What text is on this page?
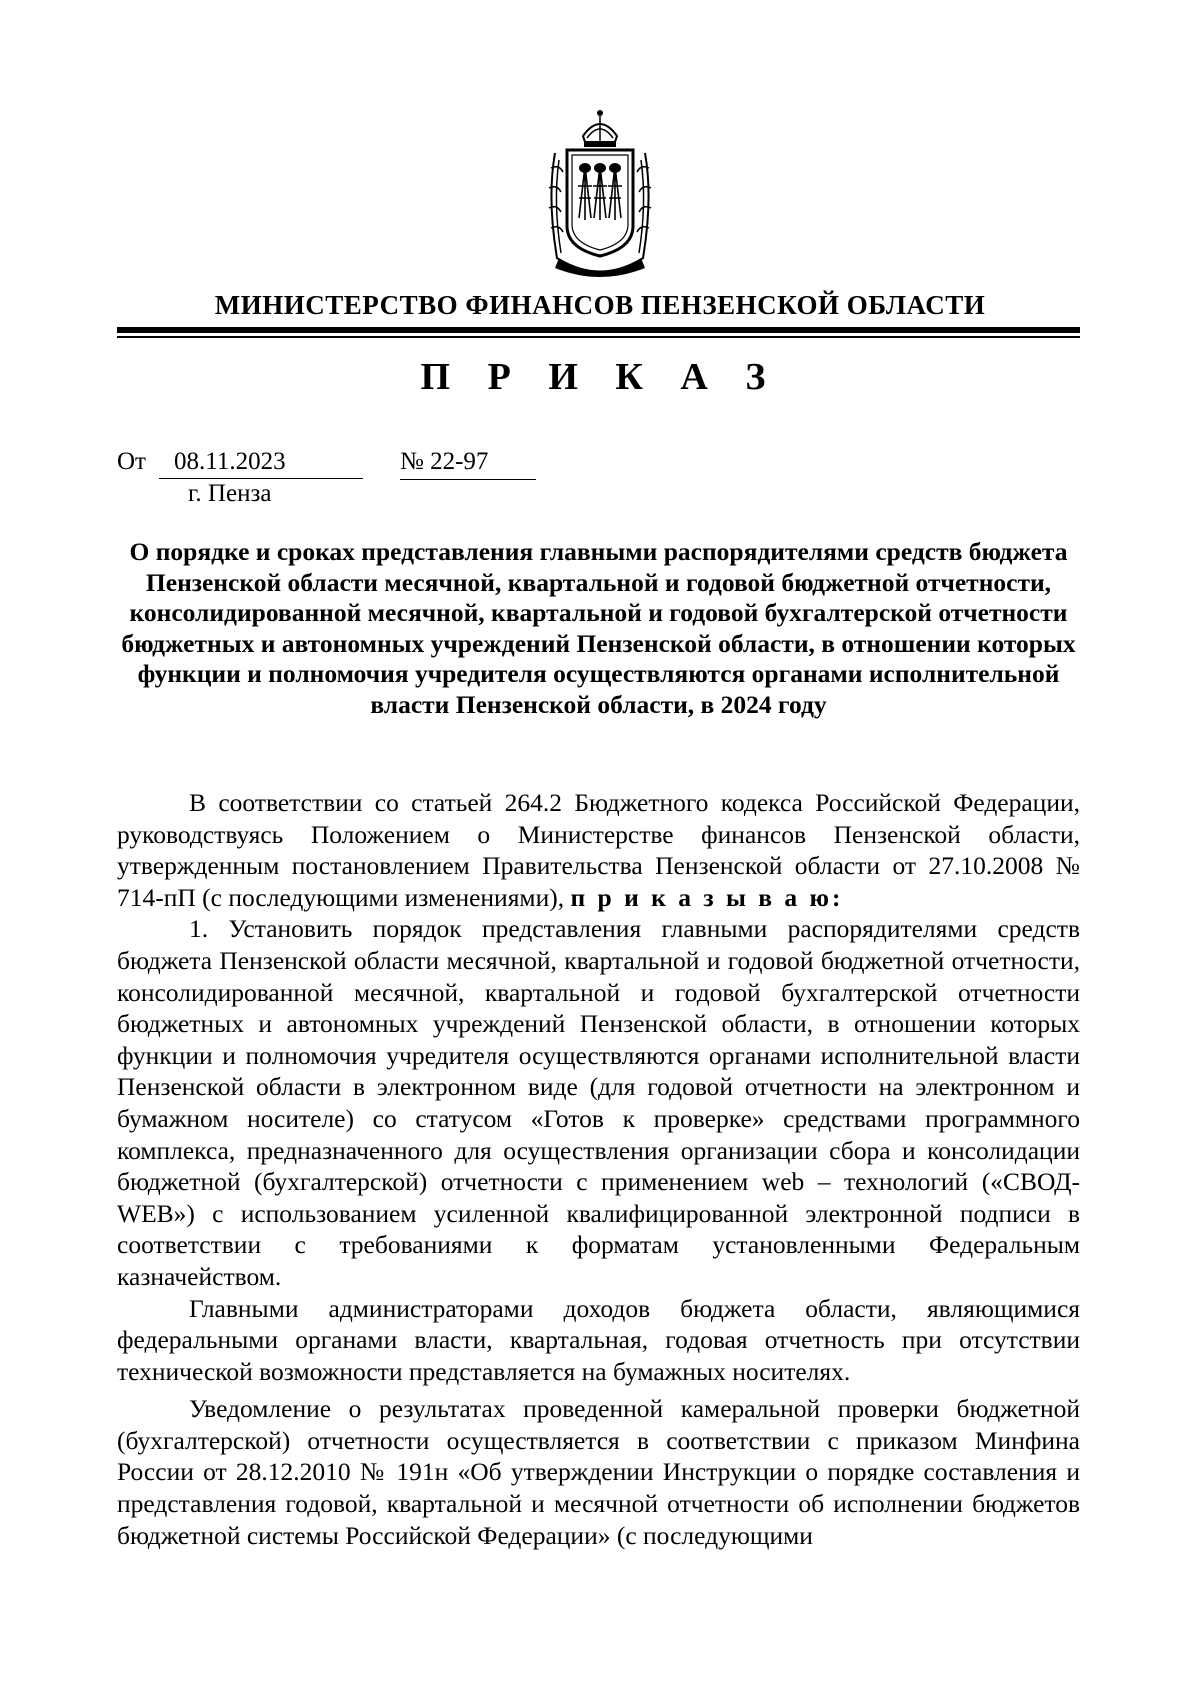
МИНИСТЕРСТВО ФИНАНСОВ ПЕНЗЕНСКОЙ ОБЛАСТИ
П Р И К А З
От	08.11.2023	№ 22-97
г. Пенза
О порядке и сроках представления главными распорядителями средств бюджета Пензенской области месячной, квартальной и годовой бюджетной отчетности, консолидированной месячной, квартальной и годовой бухгалтерской отчетности бюджетных и автономных учреждений Пензенской области, в отношении которых функции и полномочия учредителя осуществляются органами исполнительной власти Пензенской области, в 2024 году

В соответствии со статьей 264.2 Бюджетного кодекса Российской Федерации, руководствуясь Положением о Министерстве финансов Пензенской области, утвержденным постановлением Правительства Пензенской области от 27.10.2008 № 714-пП (с последующими изменениями), п р и к а з ы в а ю:

1. Установить порядок представления главными распорядителями средств бюджета Пензенской области месячной, квартальной и годовой бюджетной отчетности, консолидированной месячной, квартальной и годовой бухгалтерской отчетности бюджетных и автономных учреждений Пензенской области, в отношении которых функции и полномочия учредителя осуществляются органами исполнительной власти Пензенской области в электронном виде (для годовой отчетности на электронном и бумажном носителе) со статусом «Готов к проверке» средствами программного комплекса, предназначенного для осуществления организации сбора и консолидации бюджетной (бухгалтерской) отчетности с применением web – технологий («СВОД-WEB») с использованием усиленной квалифицированной электронной подписи в соответствии с требованиями к форматам установленными Федеральным казначейством.

Главными администраторами доходов бюджета области, являющимися федеральными органами власти, квартальная, годовая отчетность при отсутствии технической возможности представляется на бумажных носителях.

Уведомление о результатах проведенной камеральной проверки бюджетной (бухгалтерской) отчетности осуществляется в соответствии с приказом Минфина России от 28.12.2010 № 191н «Об утверждении Инструкции о порядке составления и представления годовой, квартальной и месячной отчетности об исполнении бюджетов бюджетной системы Российской Федерации» (с последующими
